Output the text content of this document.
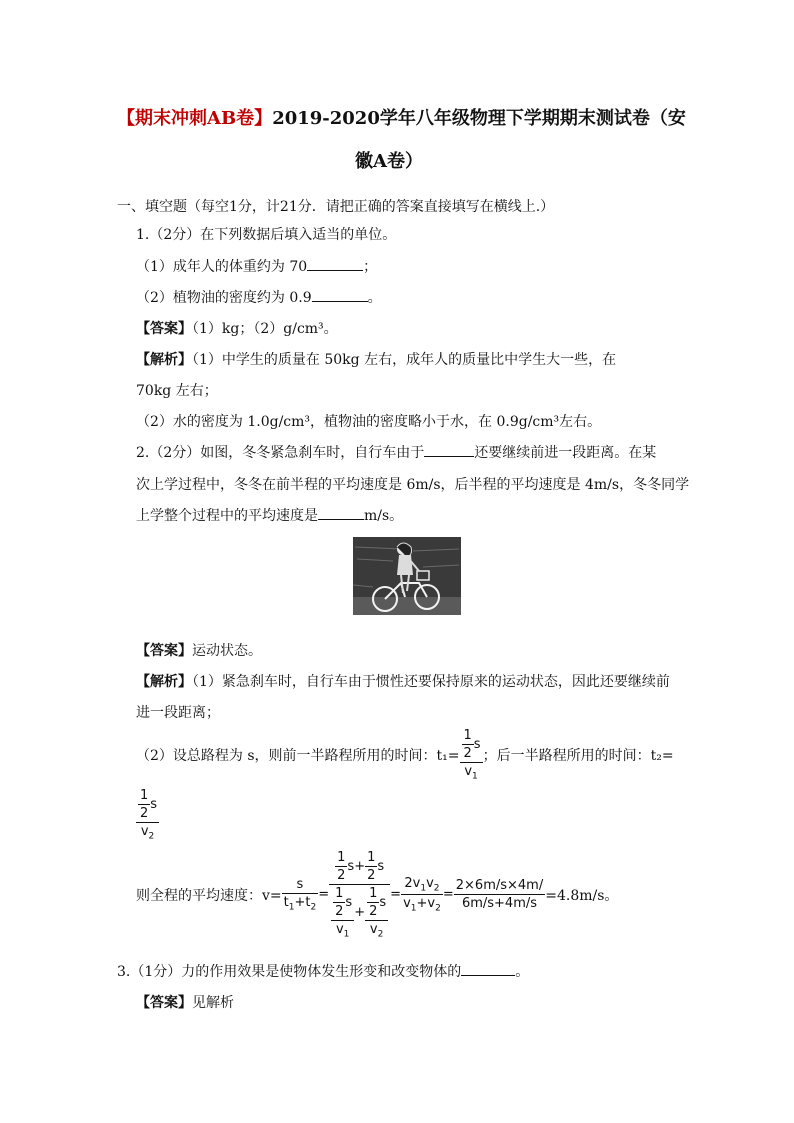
【期末冲刺AB卷】2019-2020学年八年级物理下学期期末测试卷（安
徽A卷）
一、填空题（每空1分，计21分．请把正确的答案直接填写在横线上.）
1.（2分）在下列数据后填入适当的单位。
（1）成年人的体重约为 70	；
（2）植物油的密度约为 0.9	。
【答案】（1）kg；（2）g/cm³。
【解析】（1）中学生的质量在 50kg 左右，成年人的质量比中学生大一些，在
70kg 左右；
（2）水的密度为 1.0g/cm³，植物油的密度略小于水，在 0.9g/cm³左右。
2.（2分）如图，冬冬紧急刹车时，自行车由于	还要继续前进一段距离。在某
次上学过程中，冬冬在前半程的平均速度是 6m/s，后半程的平均速度是 4m/s，冬冬同学
上学整个过程中的平均速度是	m/s。
【答案】运动状态。
【解析】（1）紧急刹车时，自行车由于惯性还要保持原来的运动状态，因此还要继续前
进一段距离；
（2）设总路程为 s，则前一半路程所用的时间：$t_1= \frac{\frac{1}{2} s}{v_1}$ ；后一半路程所用的时间：t₂=
$\frac{\frac{1}{2} s}{v_2}$
则全程的平均速度：$v= \frac{s}{t_1+t_2} = \frac{\frac{1}{2} s + \frac{1}{2} s}{\frac{\frac{1}{2} s}{v_1} + \frac{\frac{1}{2} s}{v_2}} = \frac{2v_1v_2}{v_1+v_2} = \frac{2\times 6m/s\times 4m/}{6m/s+4m/s} =4.8m/s$。
3.（1分）力的作用效果是使物体发生形变和改变物体的	。
【答案】见解析
